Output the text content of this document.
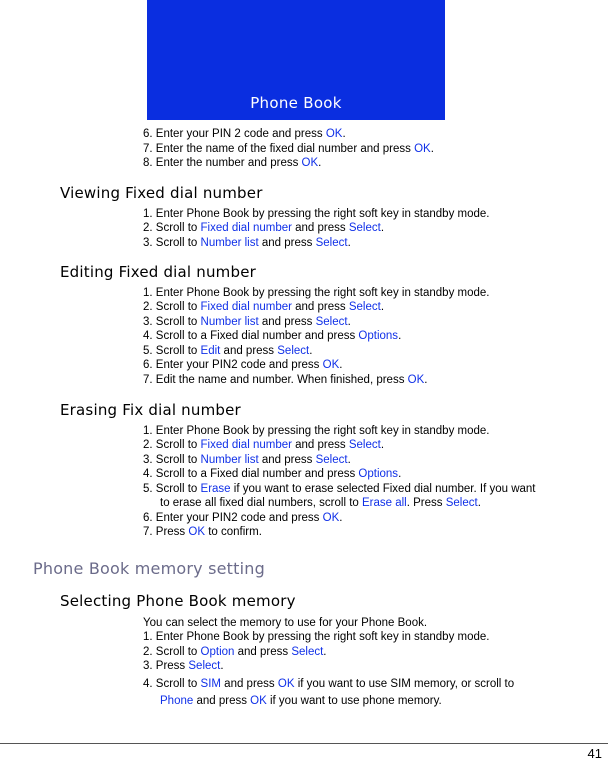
Phone Book
6. Enter your PIN 2 code and press OK.
7. Enter the name of the fixed dial number and press OK.
8. Enter the number and press OK.
Viewing Fixed dial number
1. Enter Phone Book by pressing the right soft key in standby mode.
2. Scroll to Fixed dial number and press Select.
3. Scroll to Number list and press Select.
Editing Fixed dial number
1. Enter Phone Book by pressing the right soft key in standby mode.
2. Scroll to Fixed dial number and press Select.
3. Scroll to Number list and press Select.
4. Scroll to a Fixed dial number and press Options.
5. Scroll to Edit and press Select.
6. Enter your PIN2 code and press OK.
7. Edit the name and number. When finished, press OK.
Erasing Fix dial number
1. Enter Phone Book by pressing the right soft key in standby mode.
2. Scroll to Fixed dial number and press Select.
3. Scroll to Number list and press Select.
4. Scroll to a Fixed dial number and press Options.
5. Scroll to Erase if you want to erase selected Fixed dial number. If you want
to erase all fixed dial numbers, scroll to Erase all. Press Select.
6. Enter your PIN2 code and press OK.
7. Press OK to confirm.
Phone Book memory setting
Selecting Phone Book memory
You can select the memory to use for your Phone Book.
1. Enter Phone Book by pressing the right soft key in standby mode.
2. Scroll to Option and press Select.
3. Press Select.
4. Scroll to SIM and press OK if you want to use SIM memory, or scroll to
Phone and press OK if you want to use phone memory.
41
